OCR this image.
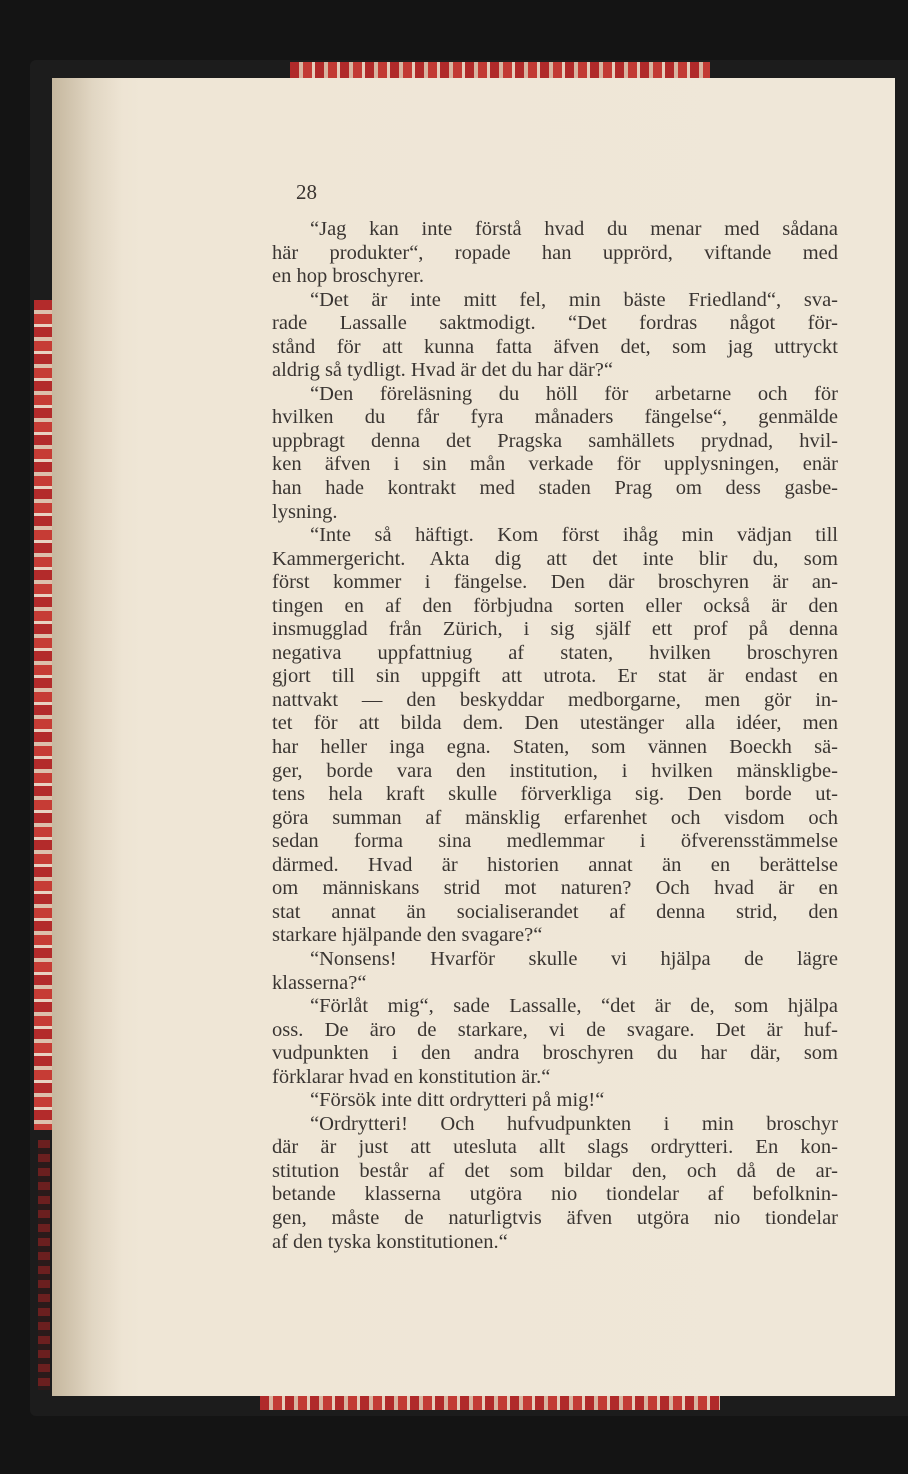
28
“Jag kan inte förstå hvad du menar med sådana
här produkter“, ropade han upprörd, viftande med
en hop broschyrer.
“Det är inte mitt fel, min bäste Friedland“, sva-
rade Lassalle saktmodigt. “Det fordras något för-
stånd för att kunna fatta äfven det, som jag uttryckt
aldrig så tydligt. Hvad är det du har där?“
“Den föreläsning du höll för arbetarne och för
hvilken du får fyra månaders fängelse“, genmälde
uppbragt denna det Pragska samhällets prydnad, hvil-
ken äfven i sin mån verkade för upplysningen, enär
han hade kontrakt med staden Prag om dess gasbe-
lysning.
“Inte så häftigt. Kom först ihåg min vädjan till
Kammergericht. Akta dig att det inte blir du, som
först kommer i fängelse. Den där broschyren är an-
tingen en af den förbjudna sorten eller också är den
insmugglad från Zürich, i sig själf ett prof på denna
negativa uppfattniug af staten, hvilken broschyren
gjort till sin uppgift att utrota. Er stat är endast en
nattvakt — den beskyddar medborgarne, men gör in-
tet för att bilda dem. Den utestänger alla idéer, men
har heller inga egna. Staten, som vännen Boeckh sä-
ger, borde vara den institution, i hvilken mänskligbe-
tens hela kraft skulle förverkliga sig. Den borde ut-
göra summan af mänsklig erfarenhet och visdom och
sedan forma sina medlemmar i öfverensstämmelse
därmed. Hvad är historien annat än en berättelse
om människans strid mot naturen? Och hvad är en
stat annat än socialiserandet af denna strid, den
starkare hjälpande den svagare?“
“Nonsens! Hvarför skulle vi hjälpa de lägre
klasserna?“
“Förlåt mig“, sade Lassalle, “det är de, som hjälpa
oss. De äro de starkare, vi de svagare. Det är huf-
vudpunkten i den andra broschyren du har där, som
förklarar hvad en konstitution är.“
“Försök inte ditt ordrytteri på mig!“
“Ordrytteri! Och hufvudpunkten i min broschyr
där är just att utesluta allt slags ordrytteri. En kon-
stitution består af det som bildar den, och då de ar-
betande klasserna utgöra nio tiondelar af befolknin-
gen, måste de naturligtvis äfven utgöra nio tiondelar
af den tyska konstitutionen.“
